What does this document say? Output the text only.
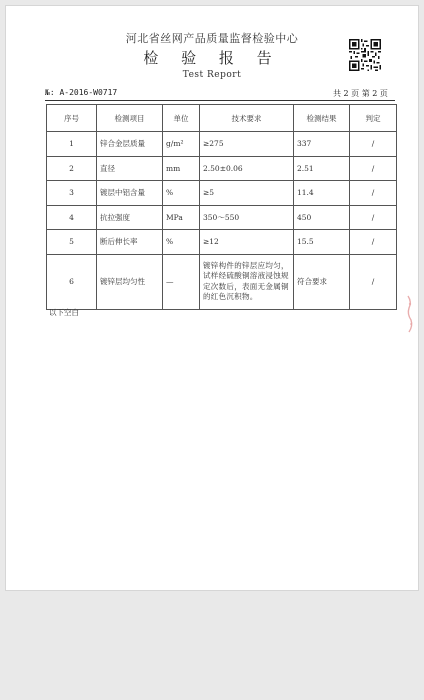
河北省丝网产品质量监督检验中心
检 验 报 告
Test Report
№: A-2016-W0717	共 2 页 第 2 页
序号	检测项目	单位	技术要求	检测结果	判定
1	锌合金层质量	g/m²	≥275	337	/
2	直径	mm	2.50±0.06	2.51	/
3	镀层中铝含量	%	≥5	11.4	/
4	抗拉强度	MPa	350～550	450	/
5	断后伸长率	%	≥12	15.5	/
6	镀锌层均匀性	—	镀锌构件的锌层应均匀，试样经硫酸铜溶液浸蚀规定次数后，表面无金属铜的红色沉积物。	符合要求	/
以下空白
